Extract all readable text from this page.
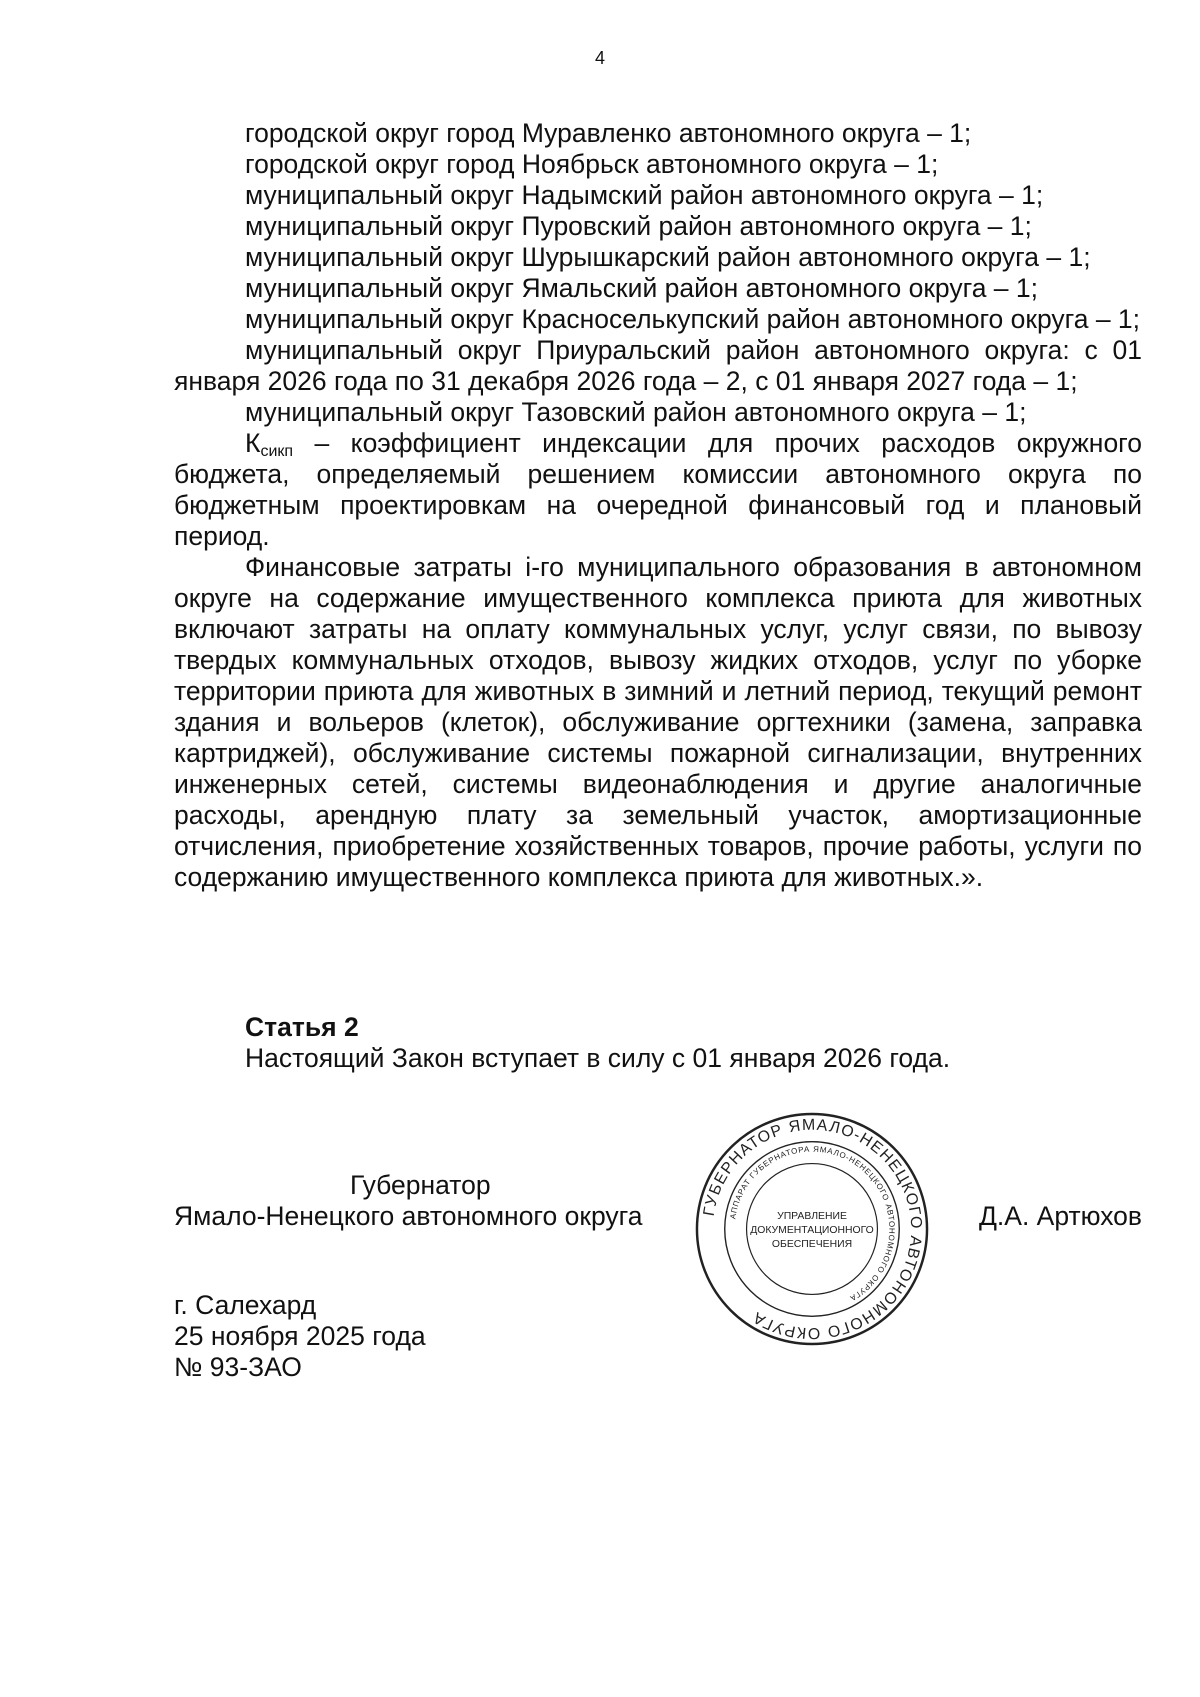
4

городской округ город Муравленко автономного округа – 1;

городской округ город Ноябрьск автономного округа – 1;

муниципальный округ Надымский район автономного округа – 1;

муниципальный округ Пуровский район автономного округа – 1;

муниципальный округ Шурышкарский район автономного округа – 1;

муниципальный округ Ямальский район автономного округа – 1;

муниципальный округ Красноселькупский район автономного округа – 1;

муниципальный округ Приуральский район автономного округа: с 01 января 2026 года по 31 декабря 2026 года – 2, с 01 января 2027 года – 1;

муниципальный округ Тазовский район автономного округа – 1;

$К_{сикп}$ – коэффициент индексации для прочих расходов окружного бюджета, определяемый решением комиссии автономного округа по бюджетным проектировкам на очередной финансовый год и плановый период.

Финансовые затраты i-го муниципального образования в автономном округе на содержание имущественного комплекса приюта для животных включают затраты на оплату коммунальных услуг, услуг связи, по вывозу твердых коммунальных отходов, вывозу жидких отходов, услуг по уборке территории приюта для животных в зимний и летний период, текущий ремонт здания и вольеров (клеток), обслуживание оргтехники (замена, заправка картриджей), обслуживание системы пожарной сигнализации, внутренних инженерных сетей, системы видеонаблюдения и другие аналогичные расходы, арендную плату за земельный участок, амортизационные отчисления, приобретение хозяйственных товаров, прочие работы, услуги по содержанию имущественного комплекса приюта для животных.».

Статья 2
Настоящий Закон вступает в силу с 01 января 2026 года.
Губернатор
Ямало-Ненецкого автономного округа	Д.А. Артюхов
ГУБЕРНАТОР ЯМАЛО-НЕНЕЦКОГО АВТОНОМНОГО ОКРУГА
АППАРАТ ГУБЕРНАТОРА ЯМАЛО-НЕНЕЦКОГО АВТОНОМНОГО ОКРУГА
УПРАВЛЕНИЕ
ДОКУМЕНТАЦИОННОГО
ОБЕСПЕЧЕНИЯ
г. Салехард
25 ноября 2025 года
№ 93-ЗАО
